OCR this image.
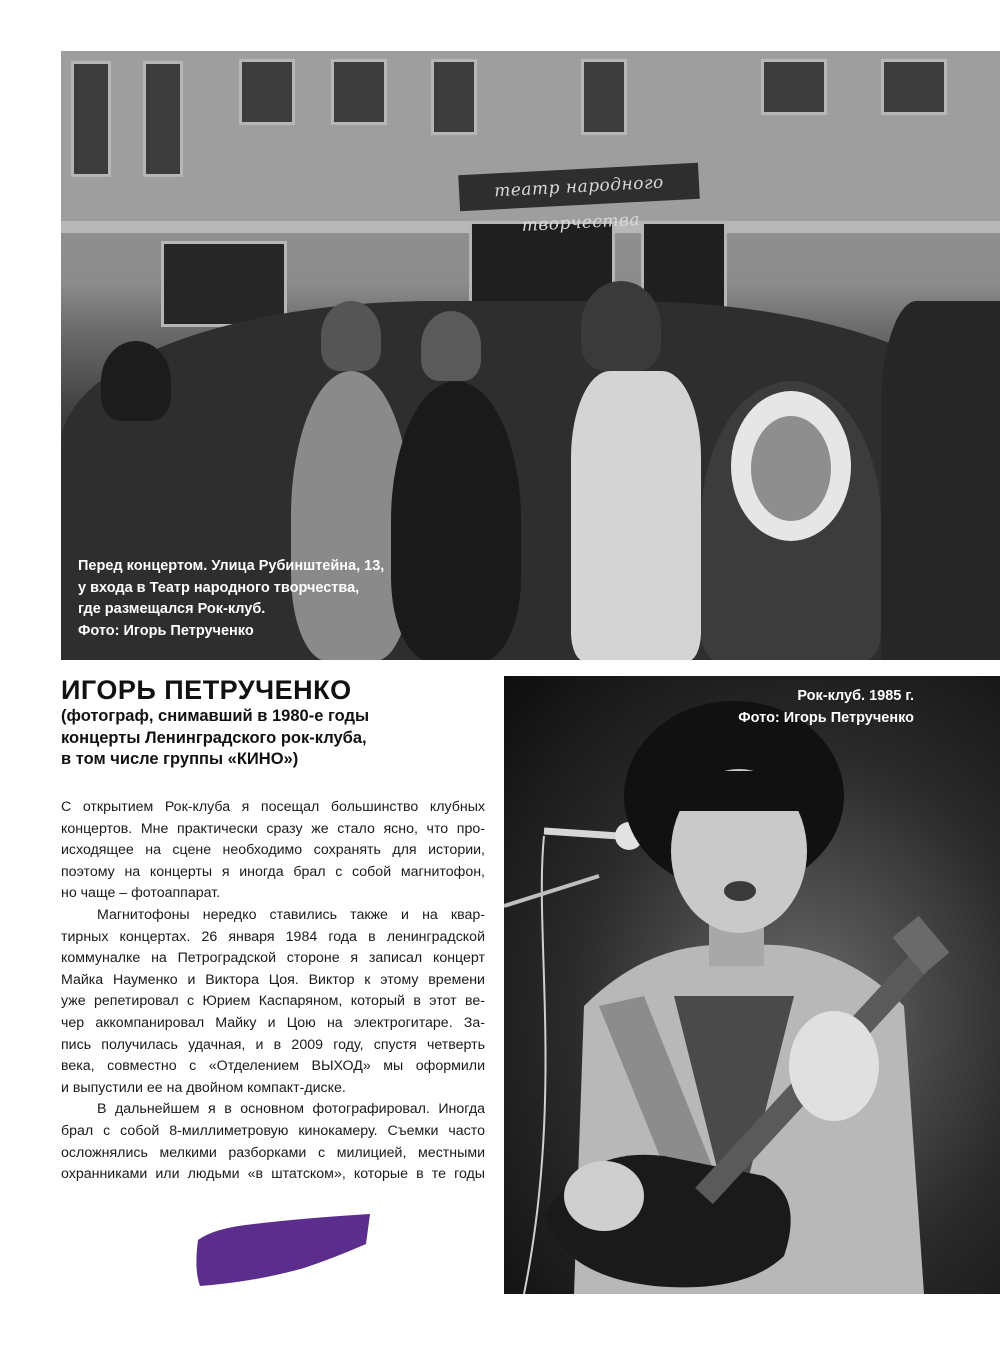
театр народного творчества
Перед концертом. Улица Рубинштейна, 13,
у входа в Театр народного творчества,
где размещался Рок-клуб.
Фото: Игорь Петрученко
ИГОРЬ ПЕТРУЧЕНКО
(фотограф, снимавший в 1980-е годы
концерты Ленинградского рок-клуба,
в том числе группы «КИНО»)
С открытием Рок-клуба я посещал большинство клубных
концертов. Мне практически сразу же стало ясно, что про-
исходящее на сцене необходимо сохранять для истории,
поэтому на концерты я иногда брал с собой магнитофон,
но чаще – фотоаппарат.
Магнитофоны нередко ставились также и на квар-
тирных концертах. 26 января 1984 года в ленинградской
коммуналке на Петроградской стороне я записал концерт
Майка Науменко и Виктора Цоя. Виктор к этому времени
уже репетировал с Юрием Каспаряном, который в этот ве-
чер аккомпанировал Майку и Цою на электрогитаре. За-
пись получилась удачная, и в 2009 году, спустя четверть
века, совместно с «Отделением ВЫХОД» мы оформили
и выпустили ее на двойном компакт-диске.
В дальнейшем я в основном фотографировал. Иногда
брал с собой 8-миллиметровую кинокамеру. Съемки часто
осложнялись мелкими разборками с милицией, местными
охранниками или людьми «в штатском», которые в те годы
Рок-клуб. 1985 г.
Фото: Игорь Петрученко
